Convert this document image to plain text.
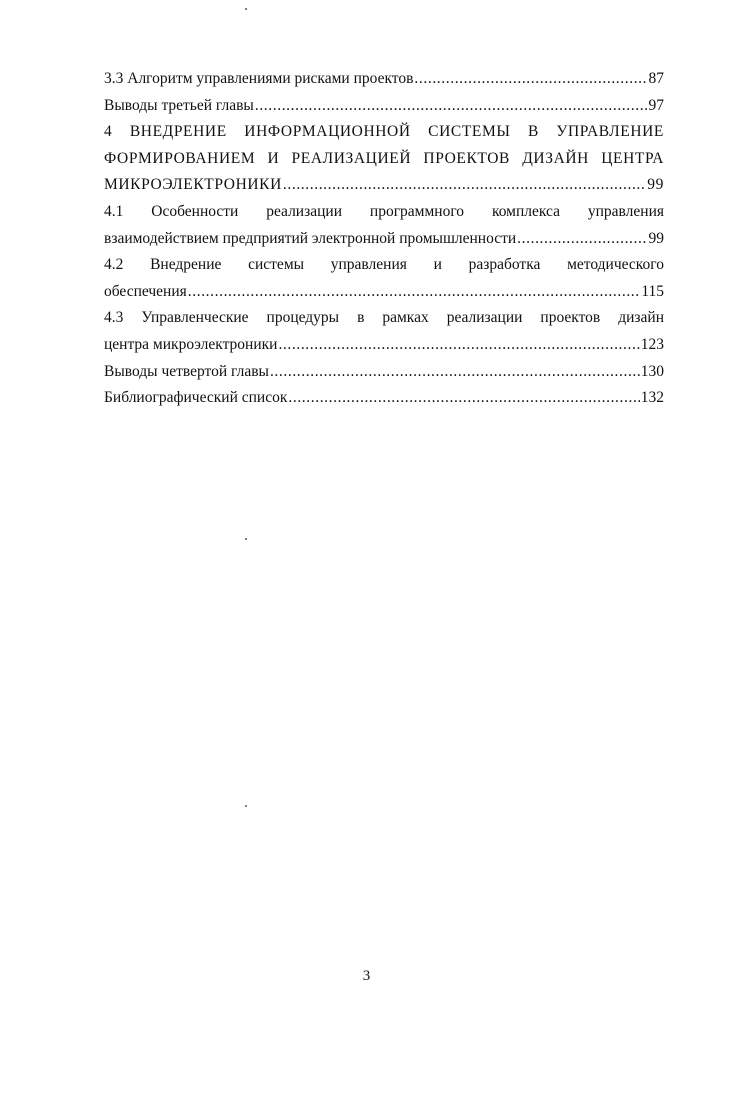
3.3 Алгоритм управлениями рисками проектов .....	87
Выводы третьей главы .....	97
4 ВНЕДРЕНИЕ ИНФОРМАЦИОННОЙ СИСТЕМЫ В УПРАВЛЕНИЕ
ФОРМИРОВАНИЕМ И РЕАЛИЗАЦИЕЙ ПРОЕКТОВ ДИЗАЙН ЦЕНТРА
МИКРОЭЛЕКТРОНИКИ .....	99
4.1 Особенности реализации программного комплекса управления
взаимодействием предприятий электронной промышленности .....	99
4.2 Внедрение системы управления и разработка методического
обеспечения .....	115
4.3 Управленческие процедуры в рамках реализации проектов дизайн
центра микроэлектроники .....	123
Выводы четвертой главы .....	130
Библиографический список .....	132
3
